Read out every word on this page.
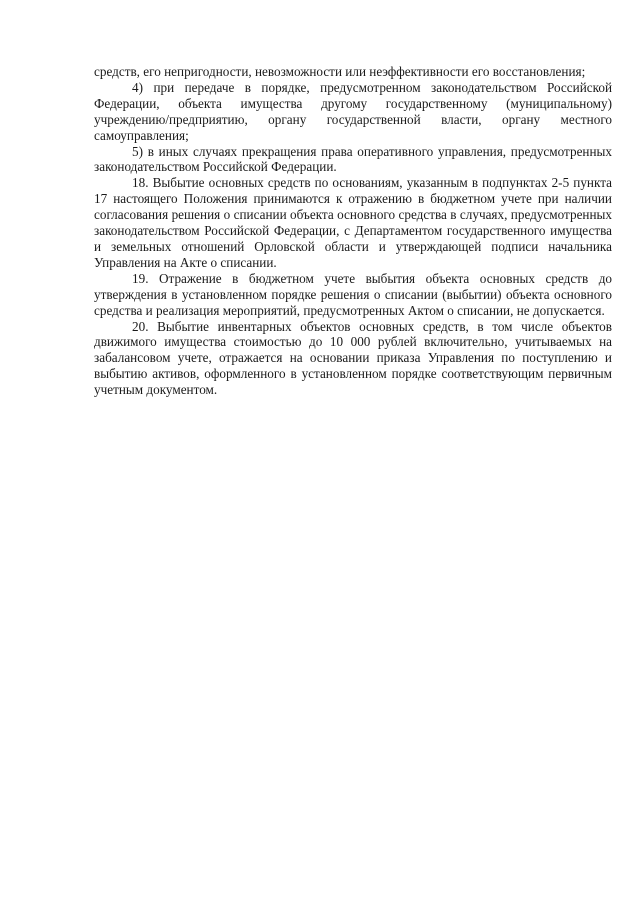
средств, его непригодности, невозможности или неэффективности его восстановления;

4) при передаче в порядке, предусмотренном законодательством Российской Федерации, объекта имущества другому государственному (муниципальному) учреждению/предприятию, органу государственной власти, органу местного самоуправления;

5) в иных случаях прекращения права оперативного управления, предусмотренных законодательством Российской Федерации.

18. Выбытие основных средств по основаниям, указанным в подпунктах 2-5 пункта 17 настоящего Положения принимаются к отражению в бюджетном учете при наличии согласования решения о списании объекта основного средства в случаях, предусмотренных законодательством Российской Федерации, с Департаментом государственного имущества и земельных отношений Орловской области и утверждающей подписи начальника Управления на Акте о списании.

19. Отражение в бюджетном учете выбытия объекта основных средств до утверждения в установленном порядке решения о списании (выбытии) объекта основного средства и реализация мероприятий, предусмотренных Актом о списании, не допускается.

20. Выбытие инвентарных объектов основных средств, в том числе объектов движимого имущества стоимостью до 10 000 рублей включительно, учитываемых на забалансовом учете, отражается на основании приказа Управления по поступлению и выбытию активов, оформленного в установленном порядке соответствующим первичным учетным документом.
